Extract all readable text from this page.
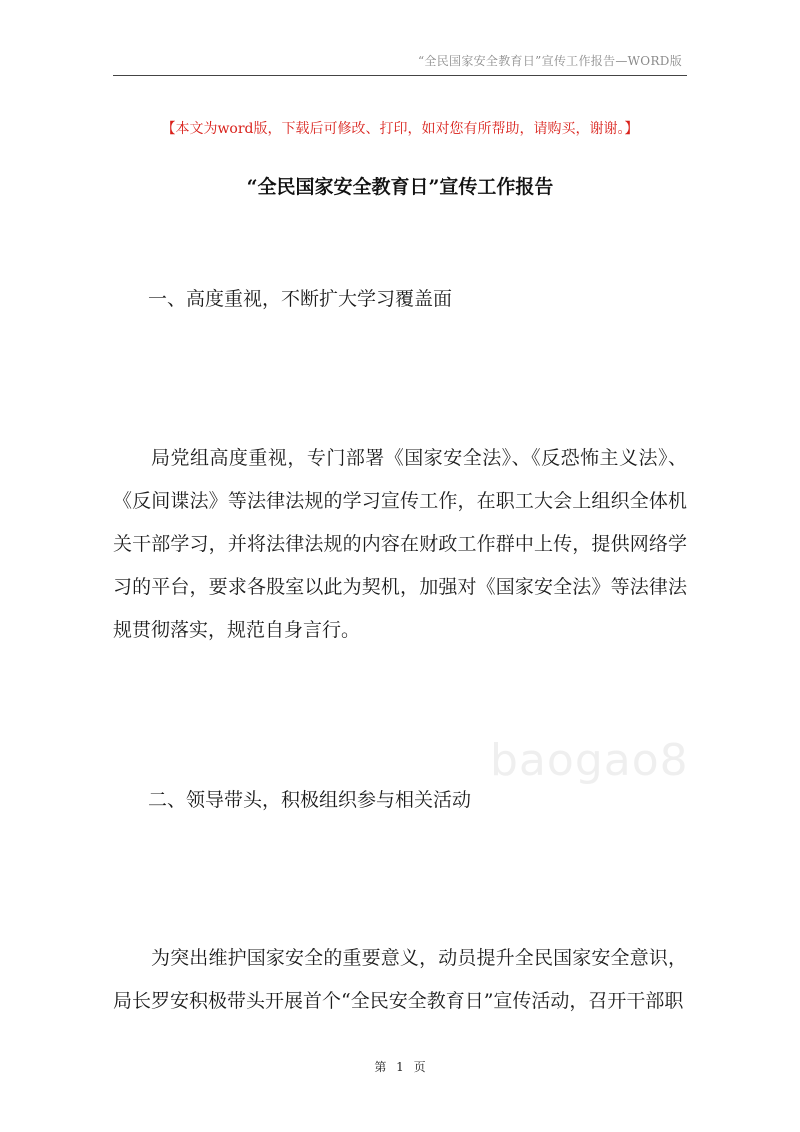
“全民国家安全教育日”宣传工作报告—WORD版
【本文为word版，下载后可修改、打印，如对您有所帮助，请购买，谢谢。】
“全民国家安全教育日”宣传工作报告
一、高度重视，不断扩大学习覆盖面

局党组高度重视，专门部署《国家安全法》、《反恐怖主义法》、《反间谍法》等法律法规的学习宣传工作，在职工大会上组织全体机关干部学习，并将法律法规的内容在财政工作群中上传，提供网络学习的平台，要求各股室以此为契机，加强对《国家安全法》等法律法规贯彻落实，规范自身言行。

baogao8
二、领导带头，积极组织参与相关活动

为突出维护国家安全的重要意义，动员提升全民国家安全意识，局长罗安积极带头开展首个“全民安全教育日”宣传活动，召开干部职

第 1 页
